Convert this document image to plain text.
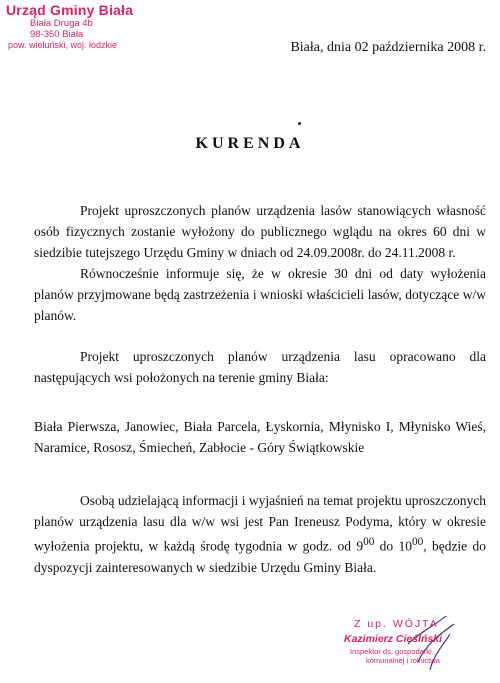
Urząd Gminy Biała
Biała Druga 4b
98-350 Biała
pow. wieluński, woj. łódzkie	Biała, dnia 02 października 2008 r.
KURENDA

Projekt uproszczonych planów urządzenia lasów stanowiących własność osób fizycznych zostanie wyłożony do publicznego wglądu na okres 60 dni w siedzibie tutejszego Urzędu Gminy w dniach od 24.09.2008r. do 24.11.2008 r.

Równocześnie informuje się, że w okresie 30 dni od daty wyłożenia planów przyjmowane będą zastrzeżenia i wnioski właścicieli lasów, dotyczące w/w planów.

Projekt uproszczonych planów urządzenia lasu opracowano dla następujących wsi położonych na terenie gminy Biała:

Biała Pierwsza, Janowiec, Biała Parcela, Łyskornia, Młynisko I, Młynisko Wieś, Naramice, Rososz, Śmiecheń, Zabłocie - Góry Świątkowskie

Osobą udzielającą informacji i wyjaśnień na temat projektu uproszczonych planów urządzenia lasu dla w/w wsi jest Pan Ireneusz Podyma, który w okresie wyłożenia projektu, w każdą środę tygodnia w godz. od $9^{00}$ do $10^{00}$, będzie do dyspozycji zainteresowanych w siedzibie Urzędu Gminy Biała.

Z up. WÓJTA
Kazimierz Cieślński
Inspektor ds. gospodarki
komunalnej i rolnictwa
